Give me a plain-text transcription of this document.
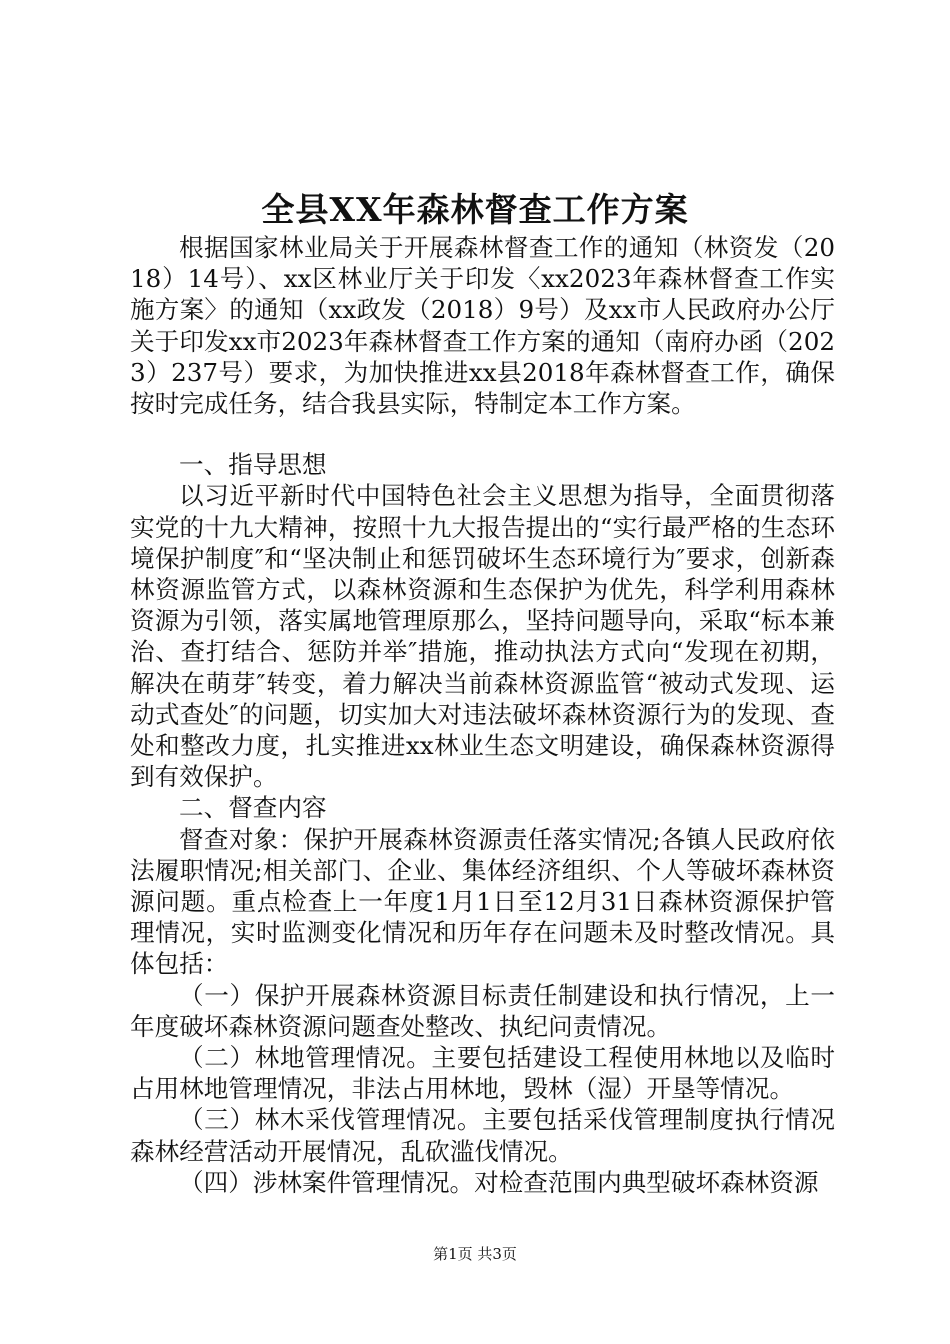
全县XX年森林督查工作方案

根据国家林业局关于开展森林督查工作的通知（林资发（2018）14号）、xx区林业厅关于印发〈xx2023年森林督查工作实施方案〉的通知（xx政发（2018）9号）及xx市人民政府办公厅关于印发xx市2023年森林督查工作方案的通知（南府办函（2023）237号）要求，为加快推进xx县2018年森林督查工作，确保按时完成任务，结合我县实际，特制定本工作方案。

一、指导思想

以习近平新时代中国特色社会主义思想为指导，全面贯彻落实党的十九大精神，按照十九大报告提出的“实行最严格的生态环境保护制度″和“坚决制止和惩罚破坏生态环境行为″要求，创新森林资源监管方式，以森林资源和生态保护为优先，科学利用森林资源为引领，落实属地管理原那么，坚持问题导向，采取“标本兼治、查打结合、惩防并举″措施，推动执法方式向“发现在初期，解决在萌芽″转变，着力解决当前森林资源监管“被动式发现、运动式查处″的问题，切实加大对违法破坏森林资源行为的发现、查处和整改力度，扎实推进xx林业生态文明建设，确保森林资源得到有效保护。

二、督查内容

督查对象：保护开展森林资源责任落实情况;各镇人民政府依法履职情况;相关部门、企业、集体经济组织、个人等破坏森林资源问题。重点检查上一年度1月1日至12月31日森林资源保护管理情况，实时监测变化情况和历年存在问题未及时整改情况。具体包括：

（一）保护开展森林资源目标责任制建设和执行情况，上一年度破坏森林资源问题查处整改、执纪问责情况。

（二）林地管理情况。主要包括建设工程使用林地以及临时占用林地管理情况，非法占用林地，毁林（湿）开垦等情况。

（三）林木采伐管理情况。主要包括采伐管理制度执行情况森林经营活动开展情况，乱砍滥伐情况。

（四）涉林案件管理情况。对检查范围内典型破坏森林资源

第1页 共3页
